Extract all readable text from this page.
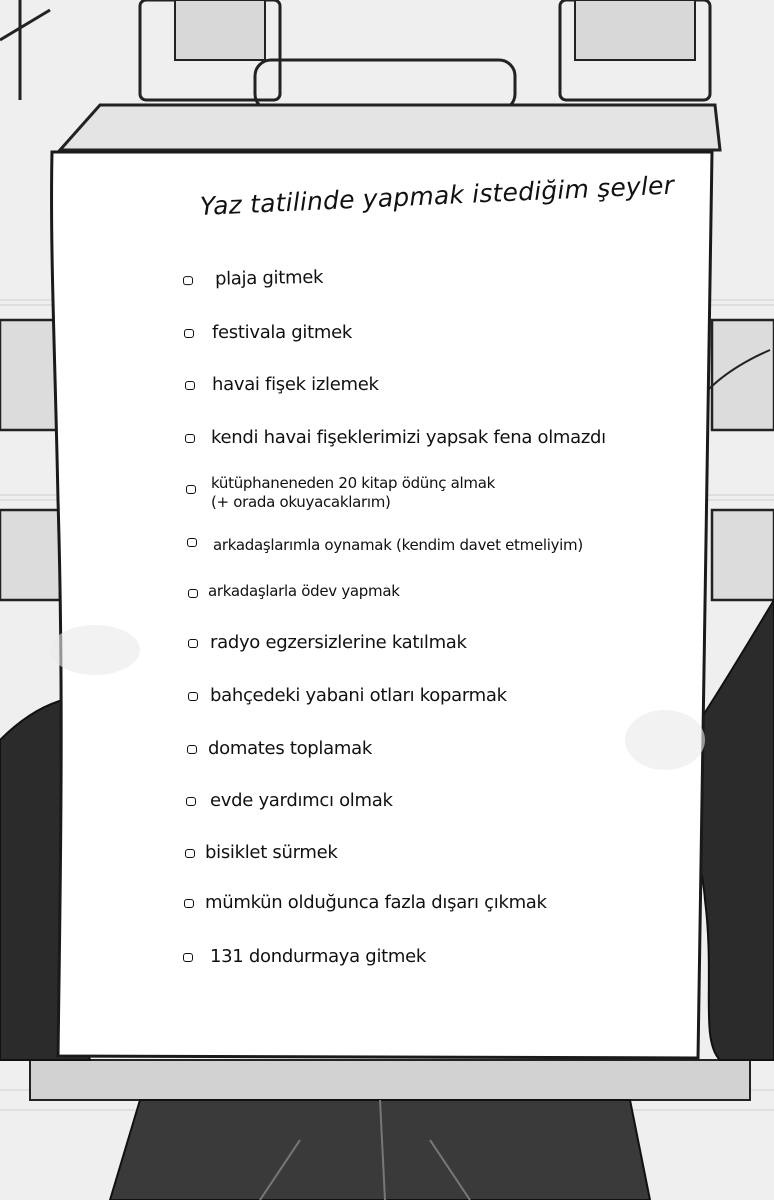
Yaz tatilinde yapmak istediğim şeyler
plaja gitmek
festivala gitmek
havai fişek izlemek
kendi havai fişeklerimizi yapsak fena olmazdı
kütüphaneneden 20 kitap ödünç almak
(+ orada okuyacaklarım)
arkadaşlarımla oynamak (kendim davet etmeliyim)
arkadaşlarla ödev yapmak
radyo egzersizlerine katılmak
bahçedeki yabani otları koparmak
domates toplamak
evde yardımcı olmak
bisiklet sürmek
mümkün olduğunca fazla dışarı çıkmak
131 dondurmaya gitmek
